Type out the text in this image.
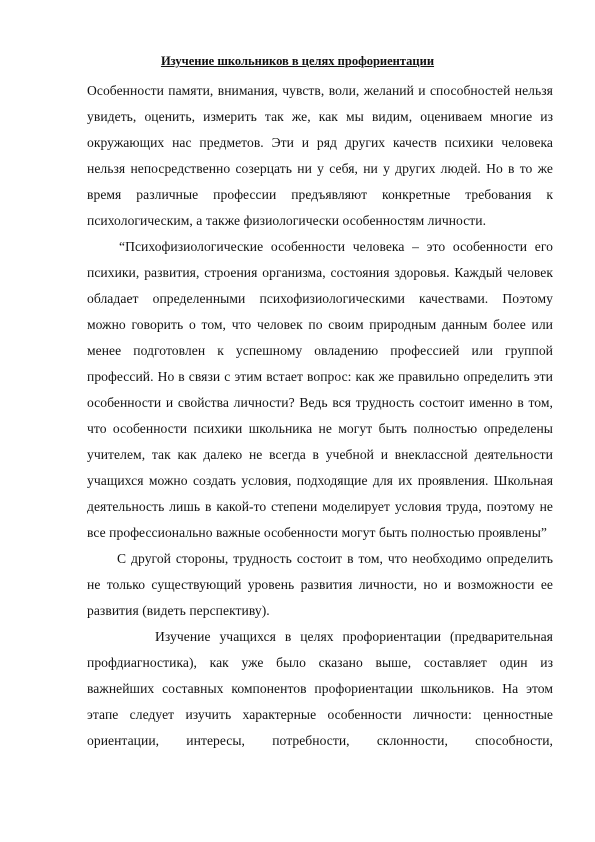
Изучение школьников в целях профориентации
Особенности памяти, внимания, чувств, воли, желаний и способностей нельзя
увидеть, оценить, измерить так же, как мы видим, оцениваем многие из
окружающих нас предметов. Эти и ряд других качеств психики человека
нельзя непосредственно созерцать ни у себя, ни у других людей. Но в то же
время различные профессии предъявляют конкретные требования к
психологическим, а также физиологически особенностям личности.
“Психофизиологические особенности человека – это особенности его
психики, развития, строения организма, состояния здоровья. Каждый человек
обладает определенными психофизиологическими качествами. Поэтому
можно говорить о том, что человек по своим природным данным более или
менее подготовлен к успешному овладению профессией или группой
профессий. Но в связи с этим встает вопрос: как же правильно определить эти
особенности и свойства личности? Ведь вся трудность состоит именно в том,
что особенности психики школьника не могут быть полностью определены
учителем, так как далеко не всегда в учебной и внеклассной деятельности
учащихся можно создать условия, подходящие для их проявления. Школьная
деятельность лишь в какой-то степени моделирует условия труда, поэтому не
все профессионально важные особенности могут быть полностью проявлены”
С другой стороны, трудность состоит в том, что необходимо определить
не только существующий уровень развития личности, но и возможности ее
развития (видеть перспективу).
Изучение учащихся в целях профориентации (предварительная
профдиагностика), как уже было сказано выше, составляет один из
важнейших составных компонентов профориентации школьников. На этом
этапе следует изучить характерные особенности личности: ценностные
ориентации, интересы, потребности, склонности, способности,
